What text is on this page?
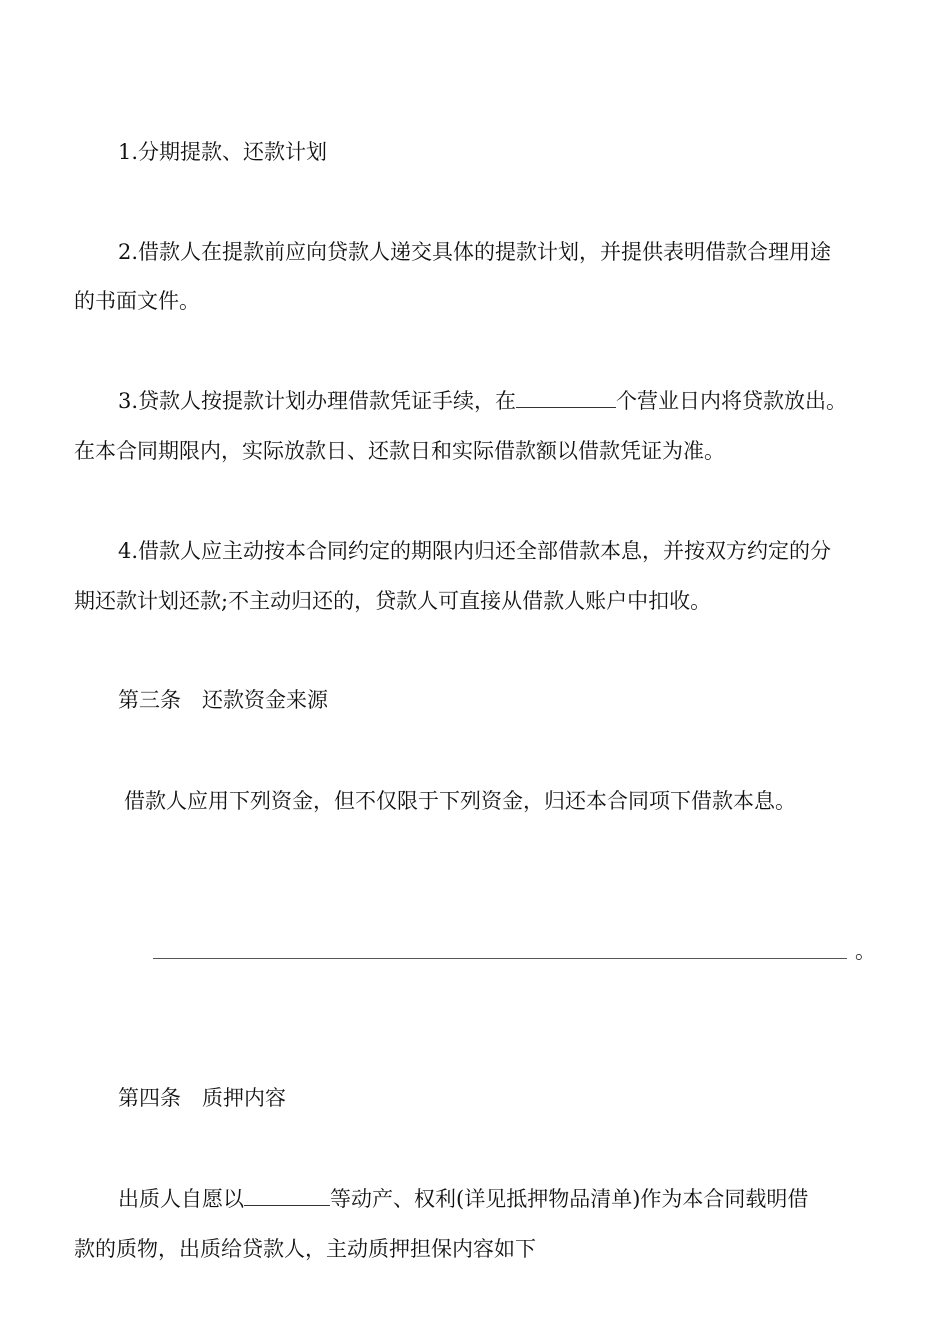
1.分期提款、还款计划
2.借款人在提款前应向贷款人递交具体的提款计划，并提供表明借款合理用途
的书面文件。
3.贷款人按提款计划办理借款凭证手续，在	个营业日内将贷款放出。
在本合同期限内，实际放款日、还款日和实际借款额以借款凭证为准。
4.借款人应主动按本合同约定的期限内归还全部借款本息，并按双方约定的分
期还款计划还款;不主动归还的，贷款人可直接从借款人账户中扣收。
第三条　还款资金来源
借款人应用下列资金，但不仅限于下列资金，归还本合同项下借款本息。
。
第四条　质押内容
出质人自愿以	等动产、权利(详见抵押物品清单)作为本合同载明借
款的质物，出质给贷款人，主动质押担保内容如下
